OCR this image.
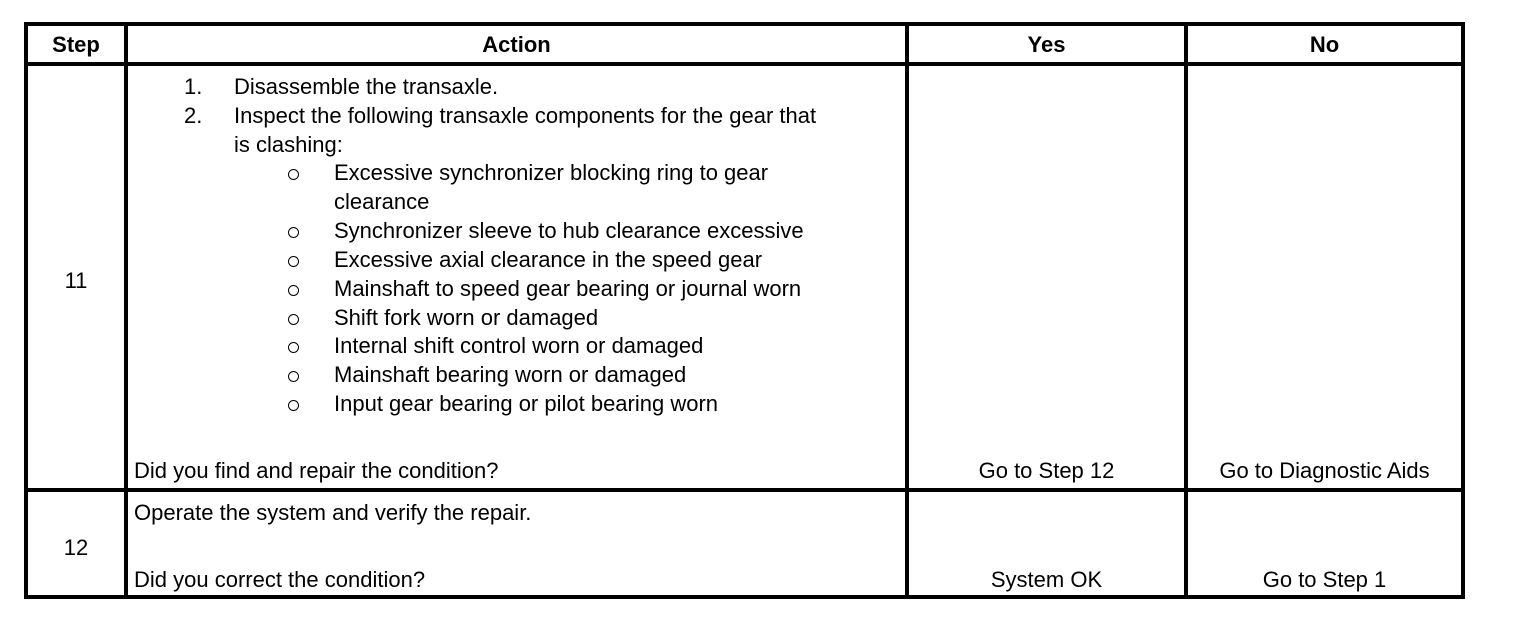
Step	Action	Yes	No
11
1.	Disassemble the transaxle.
2.	Inspect the following transaxle components for the gear that
is clashing:
Excessive synchronizer blocking ring to gear
clearance
Synchronizer sleeve to hub clearance excessive
Excessive axial clearance in the speed gear
Mainshaft to speed gear bearing or journal worn
Shift fork worn or damaged
Internal shift control worn or damaged
Mainshaft bearing worn or damaged
Input gear bearing or pilot bearing worn
Did you find and repair the condition?	Go to Step 12	Go to Diagnostic Aids
12
Operate the system and verify the repair.
Did you correct the condition?	System OK	Go to Step 1
